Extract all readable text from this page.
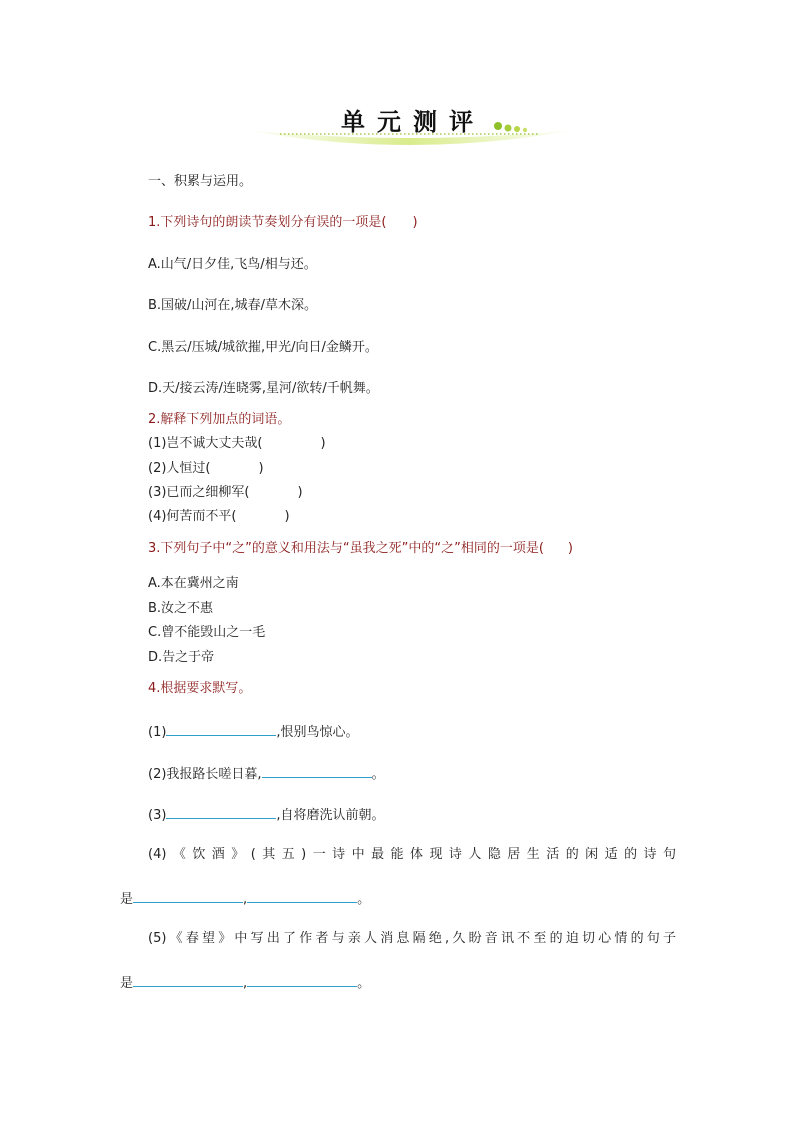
单元测评
一、积累与运用。
1.下列诗句的朗读节奏划分有误的一项是( )
A.山气/日夕佳,飞鸟/相与还。
B.国破/山河在,城春/草木深。
C.黑云/压城/城欲摧,甲光/向日/金鳞开。
D.天/接云涛/连晓雾,星河/欲转/千帆舞。
2.解释下列加点的词语。
(1)岂不诚大丈夫哉(	)
(2)人恒过(	)
(3)已而之细柳军(	)
(4)何苦而不平(	)
3.下列句子中“之”的意义和用法与“虽我之死”中的“之”相同的一项是( )
A.本在冀州之南
B.汝之不惠
C.曾不能毁山之一毛
D.告之于帝
4.根据要求默写。
(1)	,恨别鸟惊心。
(2)我报路长嗟日暮,	。
(3)	,自将磨洗认前朝。
(4)《饮酒》(其五)一诗中最能体现诗人隐居生活的闲适的诗句
是	,	。
(5)《春望》中写出了作者与亲人消息隔绝,久盼音讯不至的迫切心情的句子
是	,	。
